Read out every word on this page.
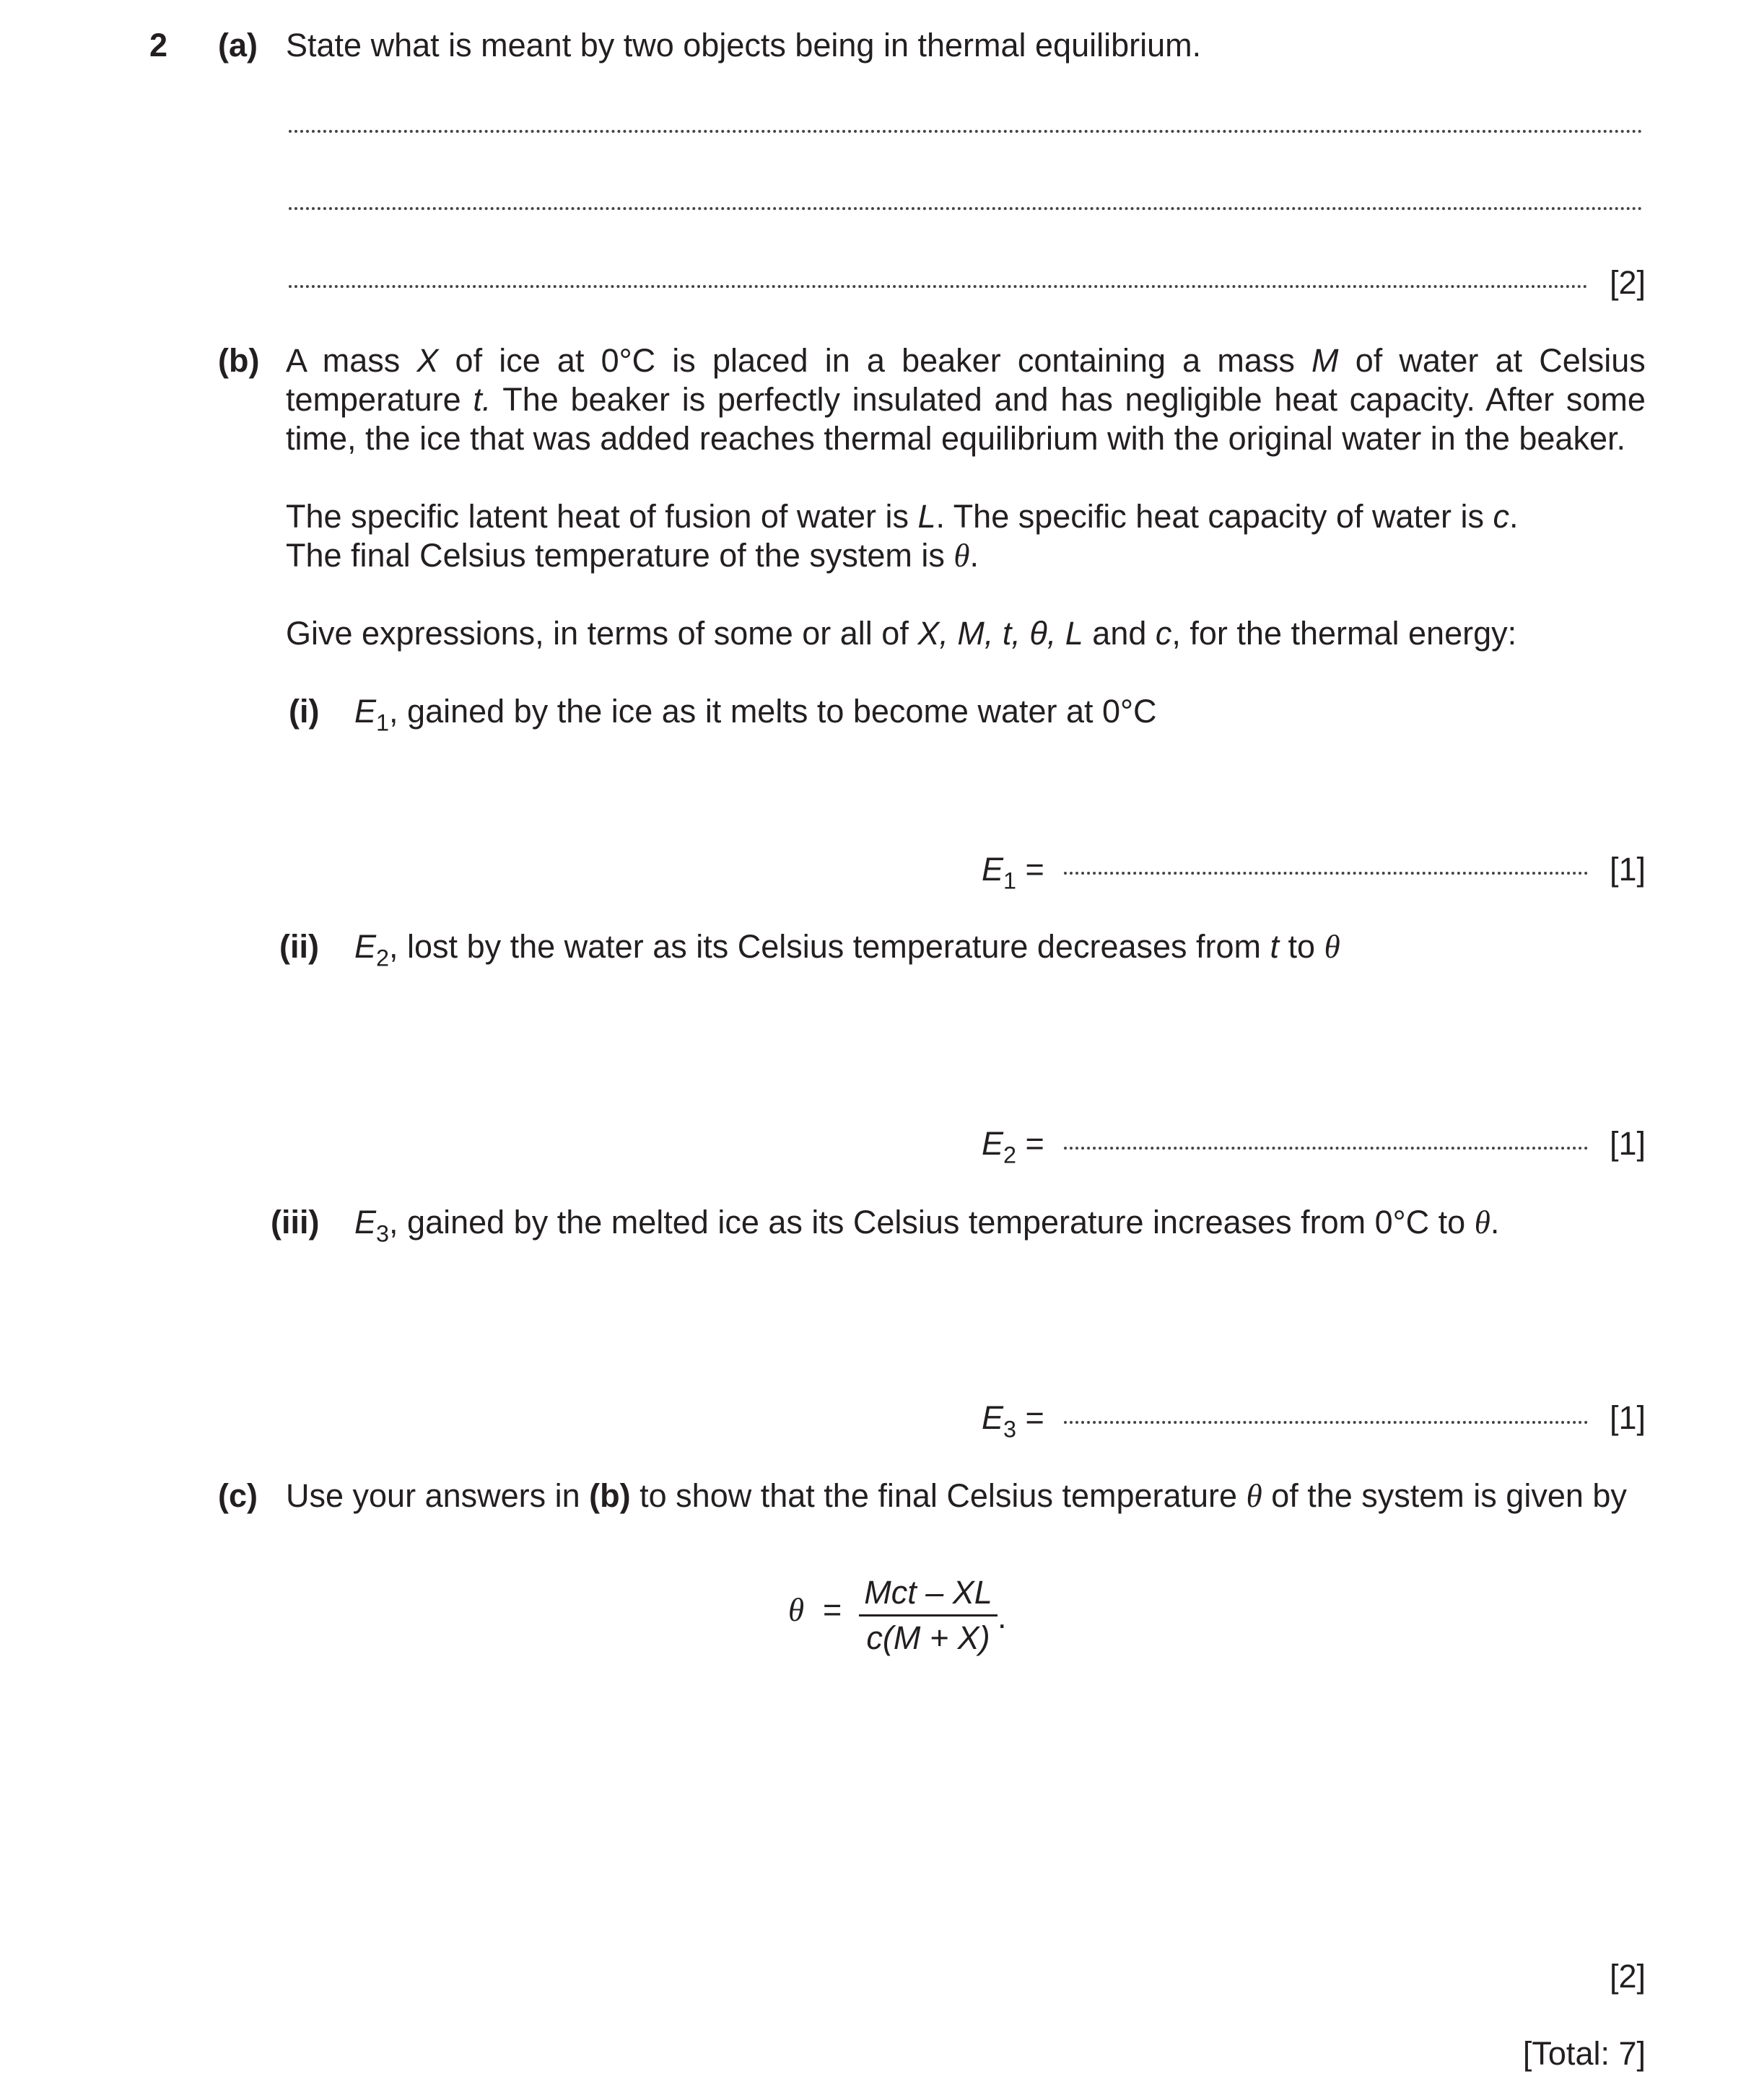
2 (a) State what is meant by two objects being in thermal equilibrium.
[2]
(b) A mass X of ice at 0°C is placed in a beaker containing a mass M of water at Celsius
temperature t. The beaker is perfectly insulated and has negligible heat capacity. After some
time, the ice that was added reaches thermal equilibrium with the original water in the beaker.
The specific latent heat of fusion of water is L. The specific heat capacity of water is c.
The final Celsius temperature of the system is θ.
Give expressions, in terms of some or all of X, M, t, θ, L and c, for the thermal energy:
(i) $E_1$, gained by the ice as it melts to become water at 0°C
$E_1$ =	[1]
(ii) $E_2$, lost by the water as its Celsius temperature decreases from t to θ
$E_2$ =	[1]
(iii) $E_3$, gained by the melted ice as its Celsius temperature increases from 0°C to θ.
$E_3$ =	[1]
(c) Use your answers in (b) to show that the final Celsius temperature θ of the system is given by
θ = Mct – XL
c(M + X)
.
[2]
[Total: 7]
